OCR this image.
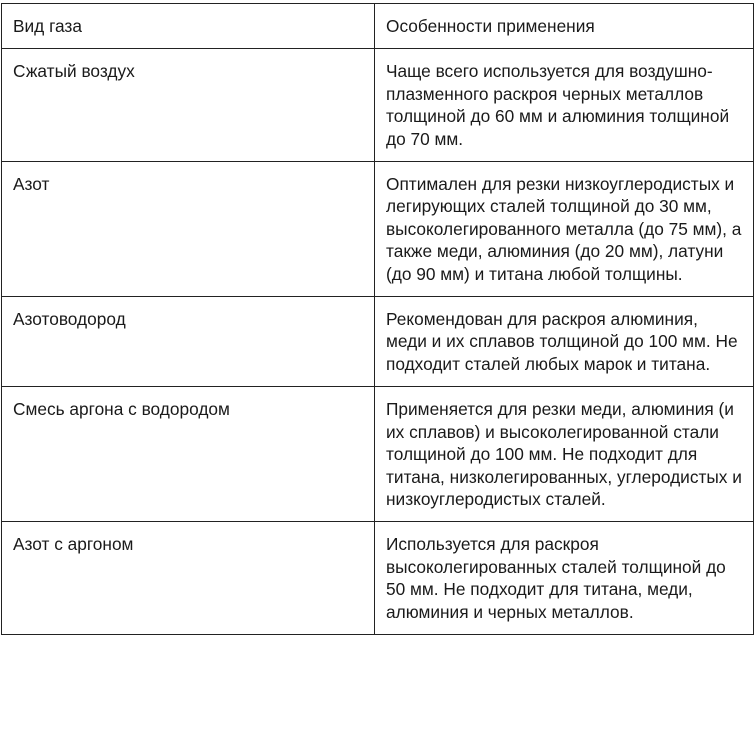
Вид газа	Особенности применения

Сжатый воздух	Чаще всего используется для воздушно-плазменного раскроя черных металлов толщиной до 60 мм и алюминия толщиной до 70 мм.

Азот	Оптимален для резки низкоуглеродистых и легирующих сталей толщиной до 30 мм, высоколегированного металла (до 75 мм), а также меди, алюминия (до 20 мм), латуни (до 90 мм) и титана любой толщины.

Азотоводород	Рекомендован для раскроя алюминия, меди и их сплавов толщиной до 100 мм. Не подходит сталей любых марок и титана.

Смесь аргона с водородом	Применяется для резки меди, алюминия (и их сплавов) и высоколегированной стали толщиной до 100 мм. Не подходит для титана, низколегированных, углеродистых и низкоуглеродистых сталей.

Азот с аргоном	Используется для раскроя высоколегированных сталей толщиной до 50 мм. Не подходит для титана, меди, алюминия и черных металлов.
